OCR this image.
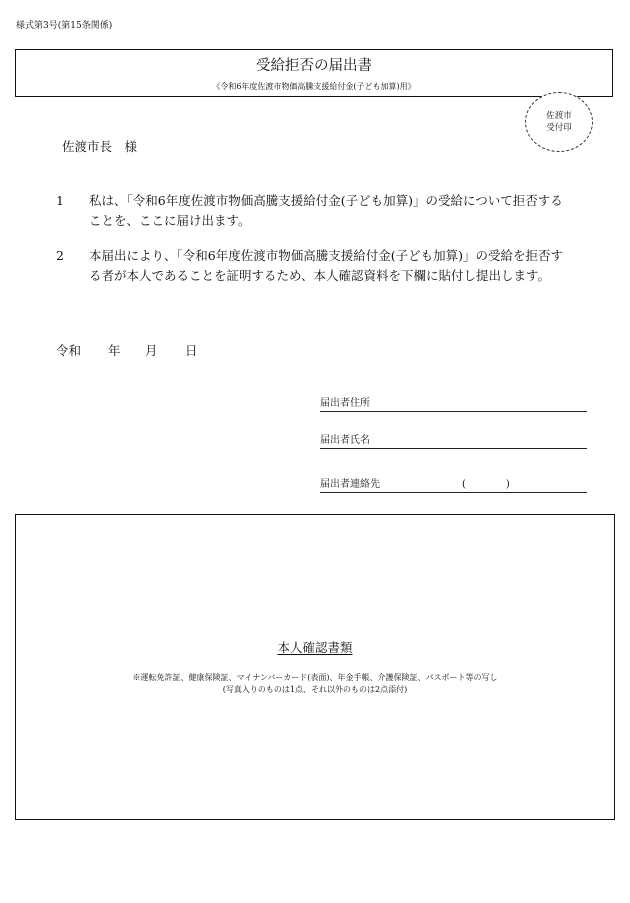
様式第3号(第15条関係)
受給拒否の届出書
《令和6年度佐渡市物価高騰支援給付金(子ども加算)用》
佐渡市
受付印
佐渡市長　様
1	私は、「令和6年度佐渡市物価高騰支援給付金(子ども加算)」の受給について拒否することを、ここに届け出ます。
2	本届出により、「令和6年度佐渡市物価高騰支援給付金(子ども加算)」の受給を拒否する者が本人であることを証明するため、本人確認資料を下欄に貼付し提出します。
令和 年 月 日
届出者住所
届出者氏名
届出者連絡先	(　　　　)
本人確認書類
※運転免許証、健康保険証、マイナンバーカード(表面)、年金手帳、介護保険証、パスポート等の写し
(写真入りのものは1点、それ以外のものは2点添付)
